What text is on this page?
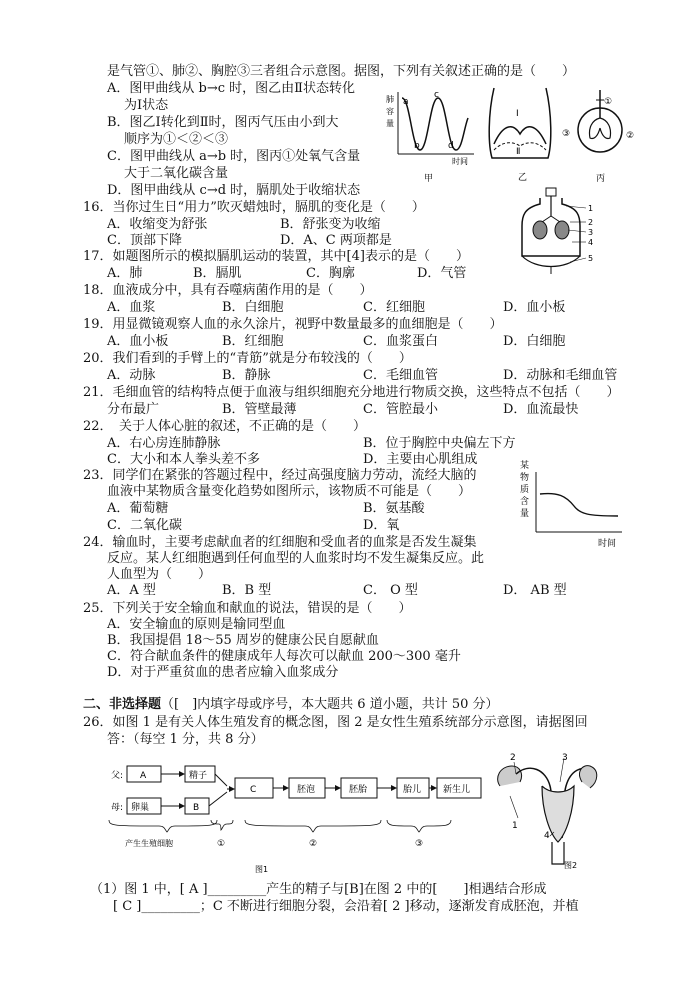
是气管①、肺②、胸腔③三者组合示意图。据图，下列有关叙述正确的是（　　）
A．图甲曲线从 b→c 时，图乙由Ⅱ状态转化
为Ⅰ状态
B．图乙Ⅰ转化到Ⅱ时，图丙气压由小到大
顺序为①＜②＜③
C．图甲曲线从 a→b 时，图丙①处氧气含量
大于二氧化碳含量
D．图甲曲线从 c→d 时，膈肌处于收缩状态
肺
容
量
a
b
c
d
时间
甲
Ⅰ
Ⅱ
乙
①
②
③
丙
16．当你过生日“用力”吹灭蜡烛时，膈肌的变化是（　　）
A．收缩变为舒张	B．舒张变为收缩
C．顶部下降	D．A、C 两项都是
1
2
3
4
5
17．如题图所示的模拟膈肌运动的装置，其中[4]表示的是（　　）
A．肺	B．膈肌	C．胸廓	D．气管
18．血液成分中，具有吞噬病菌作用的是（　　）
A．血浆	B．白细胞	C．红细胞	D．血小板
19．用显微镜观察人血的永久涂片，视野中数量最多的血细胞是（　　）
A．血小板	B．红细胞	C．血浆蛋白	D．白细胞
20．我们看到的手臂上的“青筋”就是分布较浅的（　　）
A．动脉	B．静脉	C．毛细血管	D．动脉和毛细血管
21．毛细血管的结构特点便于血液与组织细胞充分地进行物质交换，这些特点不包括（　　）
分布最广	B．管壁最薄	C．管腔最小	D．血流最快
22．　关于人体心脏的叙述，不正确的是（　　）
A．右心房连肺静脉	B．位于胸腔中央偏左下方
C．大小和本人拳头差不多	D．主要由心肌组成
23．同学们在紧张的答题过程中，经过高强度脑力劳动，流经大脑的
血液中某物质含量变化趋势如图所示，该物质不可能是（　　）
A．葡萄糖	B．氨基酸
C．二氧化碳	D．氧
某
物
质
含
量
时间
24．输血时，主要考虑献血者的红细胞和受血者的血浆是否发生凝集
反应。某人红细胞遇到任何血型的人血浆时均不发生凝集反应。此
人血型为（　　）
A．A 型	B．B 型	C． O 型	D． AB 型
25．下列关于安全输血和献血的说法，错误的是（　　）
A．安全输血的原则是输同型血
B．我国提倡 18～55 周岁的健康公民自愿献血
C．符合献血条件的健康成年人每次可以献血 200～300 毫升
D．对于严重贫血的患者应输入血浆成分
二、非选择题（[　]内填字母或序号，本大题共 6 道小题，共计 50 分）
26．如图 1 是有关人体生殖发育的概念图，图 2 是女性生殖系统部分示意图，请据图回
答：（每空 1 分，共 8 分）
父:
母:
A	精子
卵巢	B
C	胚泡	胚胎	胎儿 新生儿
产生生殖细胞	①	②	③
图1
2	3
1
4
图2
（1）图 1 中，[ A ]_________产生的精子与[B]在图 2 中的[　　]相遇结合形成
[ C ]_________；C 不断进行细胞分裂，会沿着[ 2 ]移动，逐渐发育成胚泡，并植
